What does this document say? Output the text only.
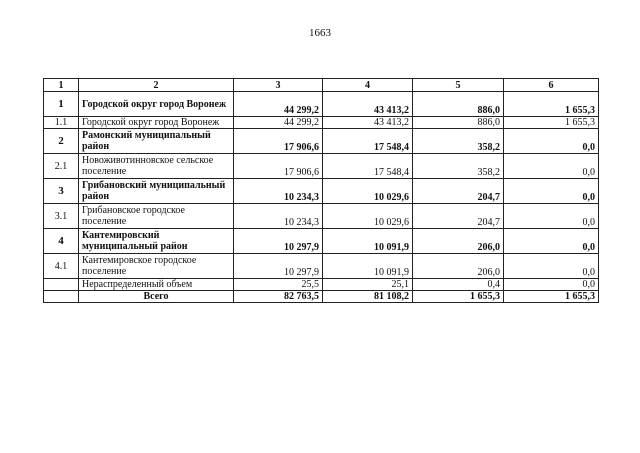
1663
1	2	3	4	5	6
1	Городской округ город Воронеж	44 299,2	43 413,2	886,0	1 655,3
1.1	Городской округ город Воронеж	44 299,2	43 413,2	886,0	1 655,3
2	Рамонский муниципальный район	17 906,6	17 548,4	358,2	0,0
2.1	Новоживотинновское сельское поселение	17 906,6	17 548,4	358,2	0,0
3	Грибановский муниципальный район	10 234,3	10 029,6	204,7	0,0
3.1	Грибановское городское поселение	10 234,3	10 029,6	204,7	0,0
4	Кантемировский муниципальный район	10 297,9	10 091,9	206,0	0,0
4.1	Кантемировское городское поселение	10 297,9	10 091,9	206,0	0,0
	Нераспределенный объем	25,5	25,1	0,4	0,0
	Всего	82 763,5	81 108,2	1 655,3	1 655,3
